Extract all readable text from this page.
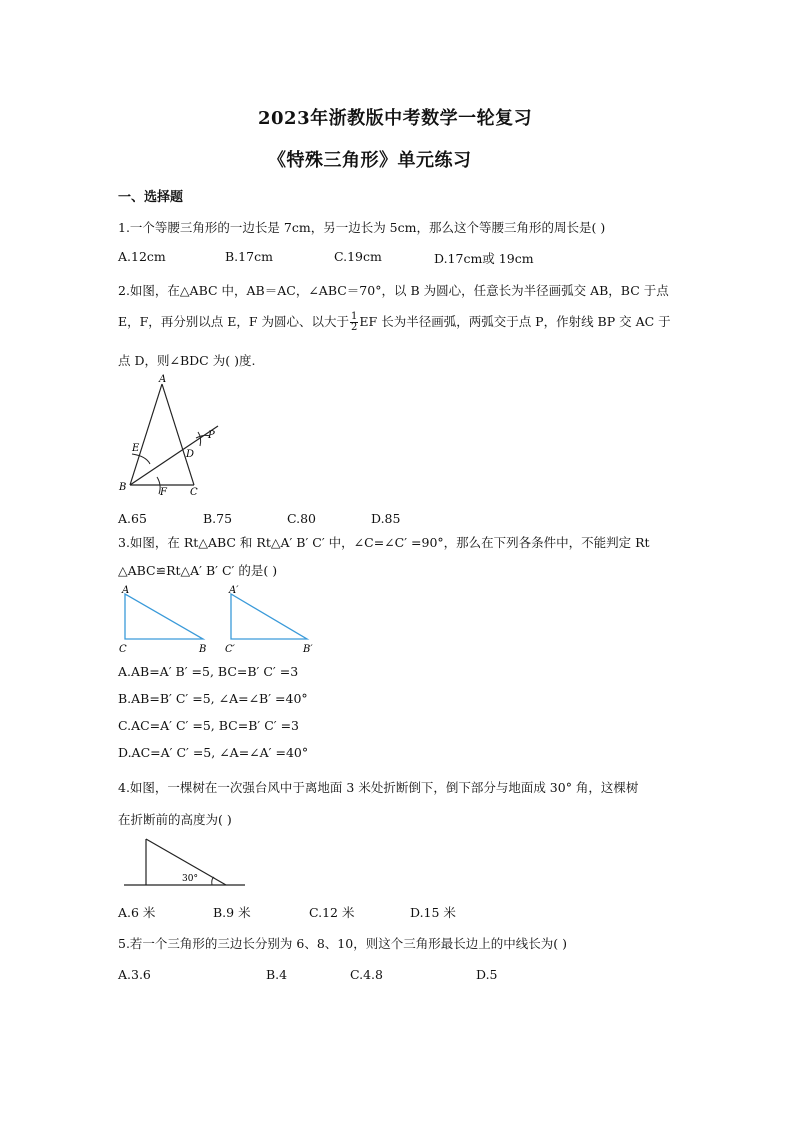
2023年浙教版中考数学一轮复习
《特殊三角形》单元练习
一、选择题
1.一个等腰三角形的一边长是 7cm，另一边长为 5cm，那么这个等腰三角形的周长是( )
A.12cm	B.17cm	C.19cm	D.17cm或 19cm
2.如图，在△ABC 中，AB＝AC，∠ABC＝70°，以 B 为圆心，任意长为半径画弧交 AB，BC 于点
E，F，再分别以点 E，F 为圆心、以大于 $\frac{1}{2}$ EF 长为半径画弧，两弧交于点 P，作射线 BP 交 AC 于
点 D，则∠BDC 为( )度.
A
E
P
D
B	F C
A.65	B.75	C.80	D.85
3.如图，在 Rt△ABC 和 Rt△A′ B′ C′ 中，∠C=∠C′ =90°，那么在下列各条件中，不能判定 Rt
△ABC≌Rt△A′ B′ C′ 的是( )
A
C	B
A′
C′	B′
A.AB=A′ B′ =5, BC=B′ C′ =3
B.AB=B′ C′ =5, ∠A=∠B′ =40°
C.AC=A′ C′ =5, BC=B′ C′ =3
D.AC=A′ C′ =5, ∠A=∠A′ =40°
4.如图，一棵树在一次强台风中于离地面 3 米处折断倒下，倒下部分与地面成 30° 角，这棵树
在折断前的高度为( )
30°
A.6 米	B.9 米	C.12 米	D.15 米
5.若一个三角形的三边长分别为 6、8、10，则这个三角形最长边上的中线长为( )
A.3.6	B.4	C.4.8	D.5
